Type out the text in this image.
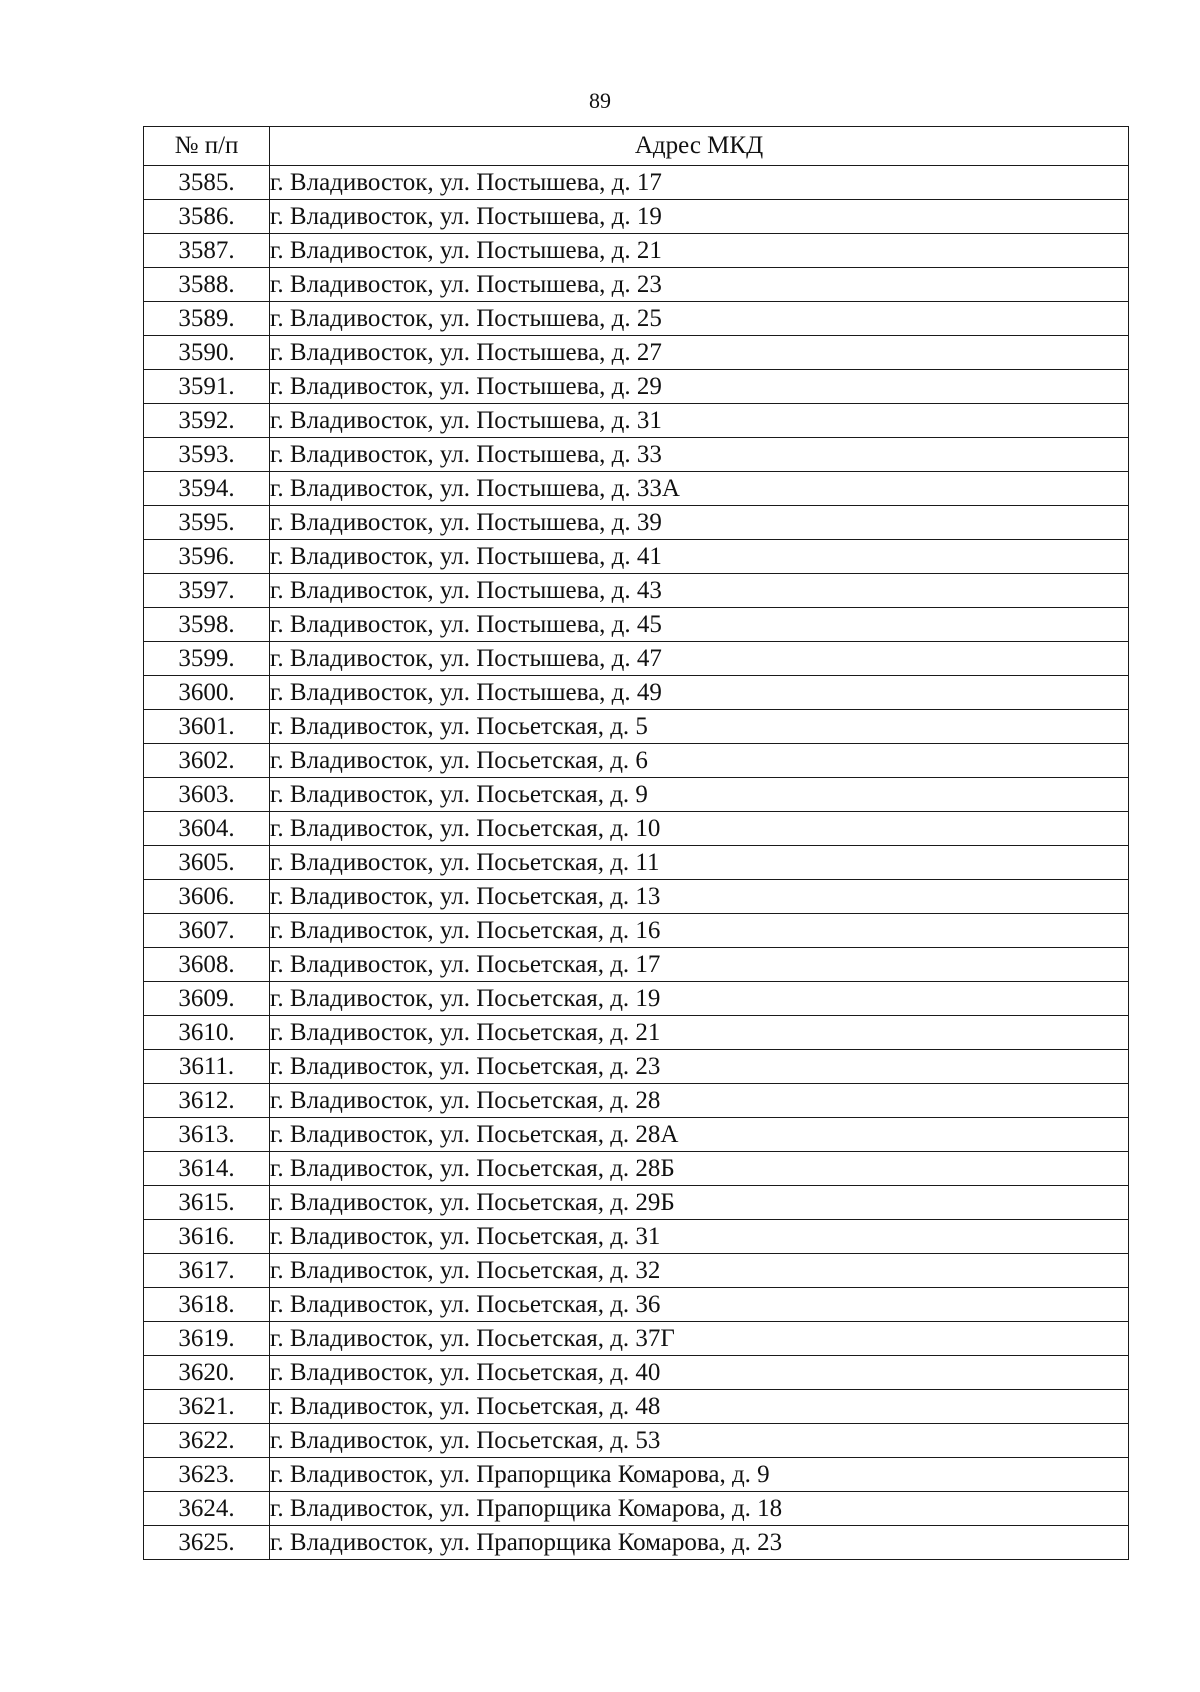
89
№ п/п	Адрес МКД
3585.	г. Владивосток, ул. Постышева, д. 17
3586.	г. Владивосток, ул. Постышева, д. 19
3587.	г. Владивосток, ул. Постышева, д. 21
3588.	г. Владивосток, ул. Постышева, д. 23
3589.	г. Владивосток, ул. Постышева, д. 25
3590.	г. Владивосток, ул. Постышева, д. 27
3591.	г. Владивосток, ул. Постышева, д. 29
3592.	г. Владивосток, ул. Постышева, д. 31
3593.	г. Владивосток, ул. Постышева, д. 33
3594.	г. Владивосток, ул. Постышева, д. 33А
3595.	г. Владивосток, ул. Постышева, д. 39
3596.	г. Владивосток, ул. Постышева, д. 41
3597.	г. Владивосток, ул. Постышева, д. 43
3598.	г. Владивосток, ул. Постышева, д. 45
3599.	г. Владивосток, ул. Постышева, д. 47
3600.	г. Владивосток, ул. Постышева, д. 49
3601.	г. Владивосток, ул. Посьетская, д. 5
3602.	г. Владивосток, ул. Посьетская, д. 6
3603.	г. Владивосток, ул. Посьетская, д. 9
3604.	г. Владивосток, ул. Посьетская, д. 10
3605.	г. Владивосток, ул. Посьетская, д. 11
3606.	г. Владивосток, ул. Посьетская, д. 13
3607.	г. Владивосток, ул. Посьетская, д. 16
3608.	г. Владивосток, ул. Посьетская, д. 17
3609.	г. Владивосток, ул. Посьетская, д. 19
3610.	г. Владивосток, ул. Посьетская, д. 21
3611.	г. Владивосток, ул. Посьетская, д. 23
3612.	г. Владивосток, ул. Посьетская, д. 28
3613.	г. Владивосток, ул. Посьетская, д. 28А
3614.	г. Владивосток, ул. Посьетская, д. 28Б
3615.	г. Владивосток, ул. Посьетская, д. 29Б
3616.	г. Владивосток, ул. Посьетская, д. 31
3617.	г. Владивосток, ул. Посьетская, д. 32
3618.	г. Владивосток, ул. Посьетская, д. 36
3619.	г. Владивосток, ул. Посьетская, д. 37Г
3620.	г. Владивосток, ул. Посьетская, д. 40
3621.	г. Владивосток, ул. Посьетская, д. 48
3622.	г. Владивосток, ул. Посьетская, д. 53
3623.	г. Владивосток, ул. Прапорщика Комарова, д. 9
3624.	г. Владивосток, ул. Прапорщика Комарова, д. 18
3625.	г. Владивосток, ул. Прапорщика Комарова, д. 23
